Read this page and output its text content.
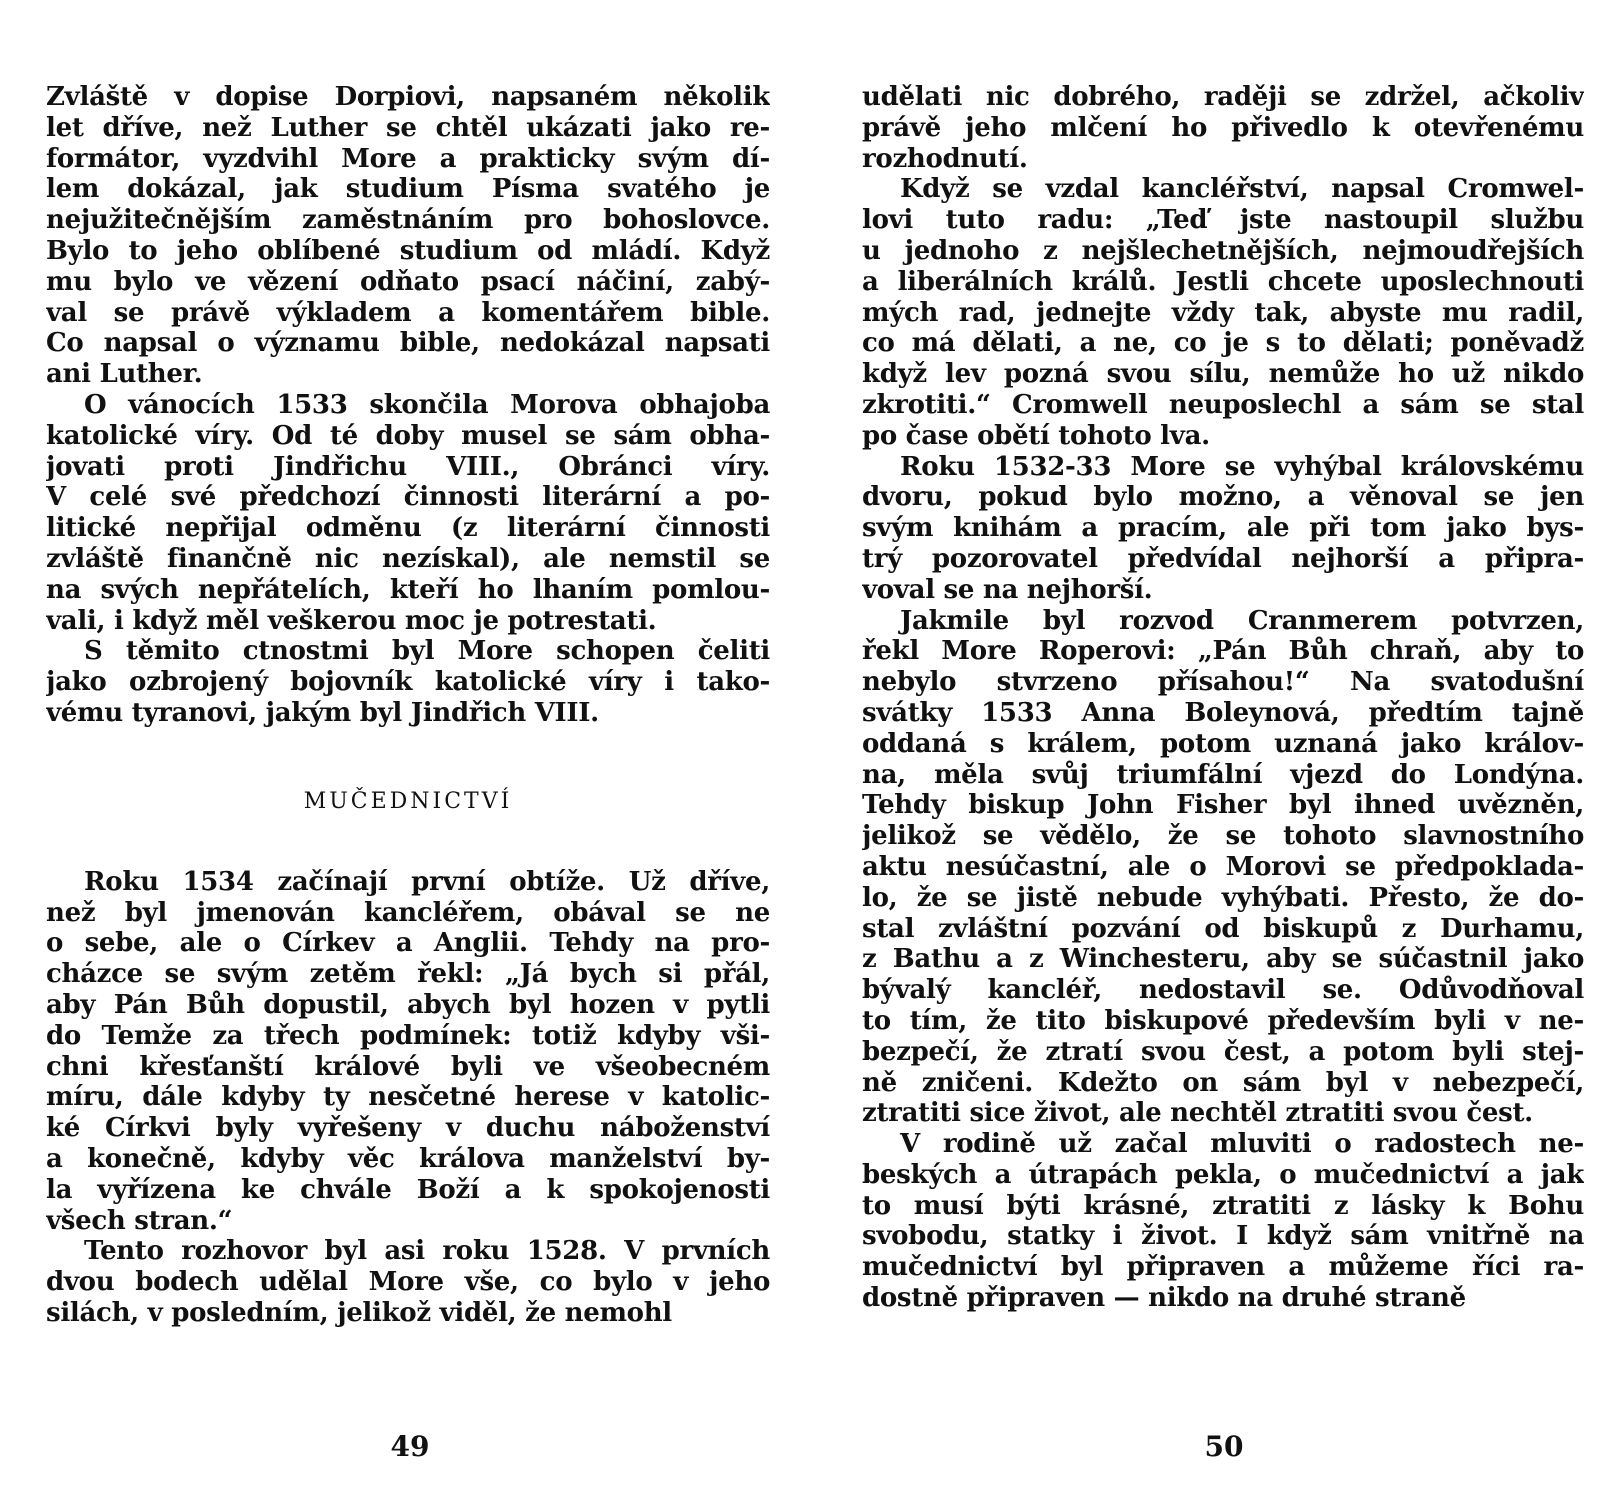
Zvláště v dopise Dorpiovi, napsaném několik
let dříve, než Luther se chtěl ukázati jako re-
formátor, vyzdvihl More a prakticky svým dí-
lem dokázal, jak studium Písma svatého je
nejužitečnějším zaměstnáním pro bohoslovce.
Bylo to jeho oblíbené studium od mládí. Když
mu bylo ve vězení odňato psací náčiní, zabý-
val se právě výkladem a komentářem bible.
Co napsal o významu bible, nedokázal napsati
ani Luther.
O vánocích 1533 skončila Morova obhajoba
katolické víry. Od té doby musel se sám obha-
jovati proti Jindřichu VIII., Obránci víry.
V celé své předchozí činnosti literární a po-
litické nepřijal odměnu (z literární činnosti
zvláště finančně nic nezískal), ale nemstil se
na svých nepřátelích, kteří ho lhaním pomlou-
vali, i když měl veškerou moc je potrestati.
S těmito ctnostmi byl More schopen čeliti
jako ozbrojený bojovník katolické víry i tako-
vému tyranovi, jakým byl Jindřich VIII.
MUČEDNICTVÍ
Roku 1534 začínají první obtíže. Už dříve,
než byl jmenován kancléřem, obával se ne
o sebe, ale o Církev a Anglii. Tehdy na pro-
cházce se svým zetěm řekl: „Já bych si přál,
aby Pán Bůh dopustil, abych byl hozen v pytli
do Temže za třech podmínek: totiž kdyby vši-
chni křesťanští králové byli ve všeobecném
míru, dále kdyby ty nesčetné herese v katolic-
ké Církvi byly vyřešeny v duchu náboženství
a konečně, kdyby věc králova manželství by-
la vyřízena ke chvále Boží a k spokojenosti
všech stran.“
Tento rozhovor byl asi roku 1528. V prvních
dvou bodech udělal More vše, co bylo v jeho
silách, v posledním, jelikož viděl, že nemohl
49
udělati nic dobrého, raději se zdržel, ačkoliv
právě jeho mlčení ho přivedlo k otevřenému
rozhodnutí.
Když se vzdal kancléřství, napsal Cromwel-
lovi tuto radu: „Teď jste nastoupil službu
u jednoho z nejšlechetnějších, nejmoudřejších
a liberálních králů. Jestli chcete uposlechnouti
mých rad, jednejte vždy tak, abyste mu radil,
co má dělati, a ne, co je s to dělati; poněvadž
když lev pozná svou sílu, nemůže ho už nikdo
zkrotiti.“ Cromwell neuposlechl a sám se stal
po čase obětí tohoto lva.
Roku 1532-33 More se vyhýbal královskému
dvoru, pokud bylo možno, a věnoval se jen
svým knihám a pracím, ale při tom jako bys-
trý pozorovatel předvídal nejhorší a připra-
voval se na nejhorší.
Jakmile byl rozvod Cranmerem potvrzen,
řekl More Roperovi: „Pán Bůh chraň, aby to
nebylo stvrzeno přísahou!“ Na svatodušní
svátky 1533 Anna Boleynová, předtím tajně
oddaná s králem, potom uznaná jako králov-
na, měla svůj triumfální vjezd do Londýna.
Tehdy biskup John Fisher byl ihned uvězněn,
jelikož se vědělo, že se tohoto slavnostního
aktu nesúčastní, ale o Morovi se předpoklada-
lo, že se jistě nebude vyhýbati. Přesto, že do-
stal zvláštní pozvání od biskupů z Durhamu,
z Bathu a z Winchesteru, aby se súčastnil jako
bývalý kancléř, nedostavil se. Odůvodňoval
to tím, že tito biskupové především byli v ne-
bezpečí, že ztratí svou čest, a potom byli stej-
ně zničeni. Kdežto on sám byl v nebezpečí,
ztratiti sice život, ale nechtěl ztratiti svou čest.
V rodině už začal mluviti o radostech ne-
beských a útrapách pekla, o mučednictví a jak
to musí býti krásné, ztratiti z lásky k Bohu
svobodu, statky i život. I když sám vnitřně na
mučednictví byl připraven a můžeme říci ra-
dostně připraven — nikdo na druhé straně
50
